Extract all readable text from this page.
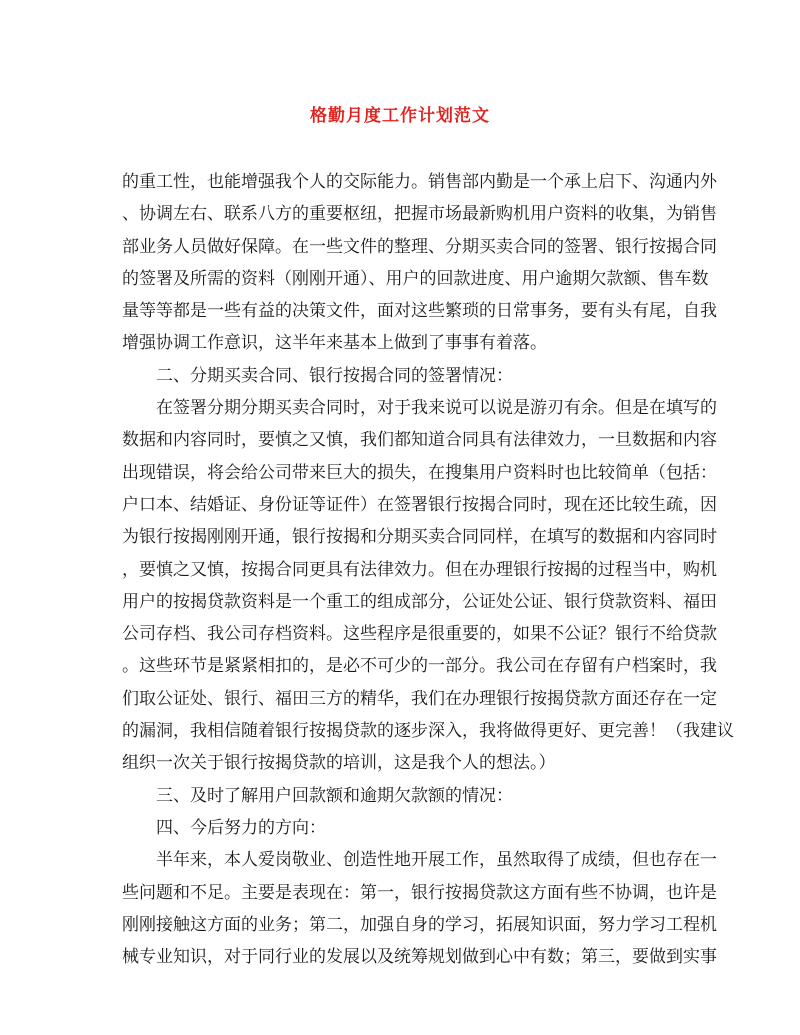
格勤月度工作计划范文
的重工性，也能增强我个人的交际能力。销售部内勤是一个承上启下、沟通内外
、协调左右、联系八方的重要枢纽，把握市场最新购机用户资料的收集，为销售
部业务人员做好保障。在一些文件的整理、分期买卖合同的签署、银行按揭合同
的签署及所需的资料（刚刚开通）、用户的回款进度、用户逾期欠款额、售车数
量等等都是一些有益的决策文件，面对这些繁琐的日常事务，要有头有尾，自我
增强协调工作意识，这半年来基本上做到了事事有着落。
二、分期买卖合同、银行按揭合同的签署情况：
在签署分期分期买卖合同时，对于我来说可以说是游刃有余。但是在填写的
数据和内容同时，要慎之又慎，我们都知道合同具有法律效力，一旦数据和内容
出现错误，将会给公司带来巨大的损失，在搜集用户资料时也比较简单（包括：
户口本、结婚证、身份证等证件）在签署银行按揭合同时，现在还比较生疏，因
为银行按揭刚刚开通，银行按揭和分期买卖合同同样，在填写的数据和内容同时
，要慎之又慎，按揭合同更具有法律效力。但在办理银行按揭的过程当中，购机
用户的按揭贷款资料是一个重工的组成部分，公证处公证、银行贷款资料、福田
公司存档、我公司存档资料。这些程序是很重要的，如果不公证？银行不给贷款
。这些环节是紧紧相扣的，是必不可少的一部分。我公司在存留有户档案时，我
们取公证处、银行、福田三方的精华，我们在办理银行按揭贷款方面还存在一定
的漏洞，我相信随着银行按揭贷款的逐步深入，我将做得更好、更完善！（我建议
组织一次关于银行按揭贷款的培训，这是我个人的想法。）
三、及时了解用户回款额和逾期欠款额的情况：
四、今后努力的方向：
半年来，本人爱岗敬业、创造性地开展工作，虽然取得了成绩，但也存在一
些问题和不足。主要是表现在：第一，银行按揭贷款这方面有些不协调，也许是
刚刚接触这方面的业务；第二，加强自身的学习，拓展知识面，努力学习工程机
械专业知识，对于同行业的发展以及统筹规划做到心中有数；第三，要做到实事
